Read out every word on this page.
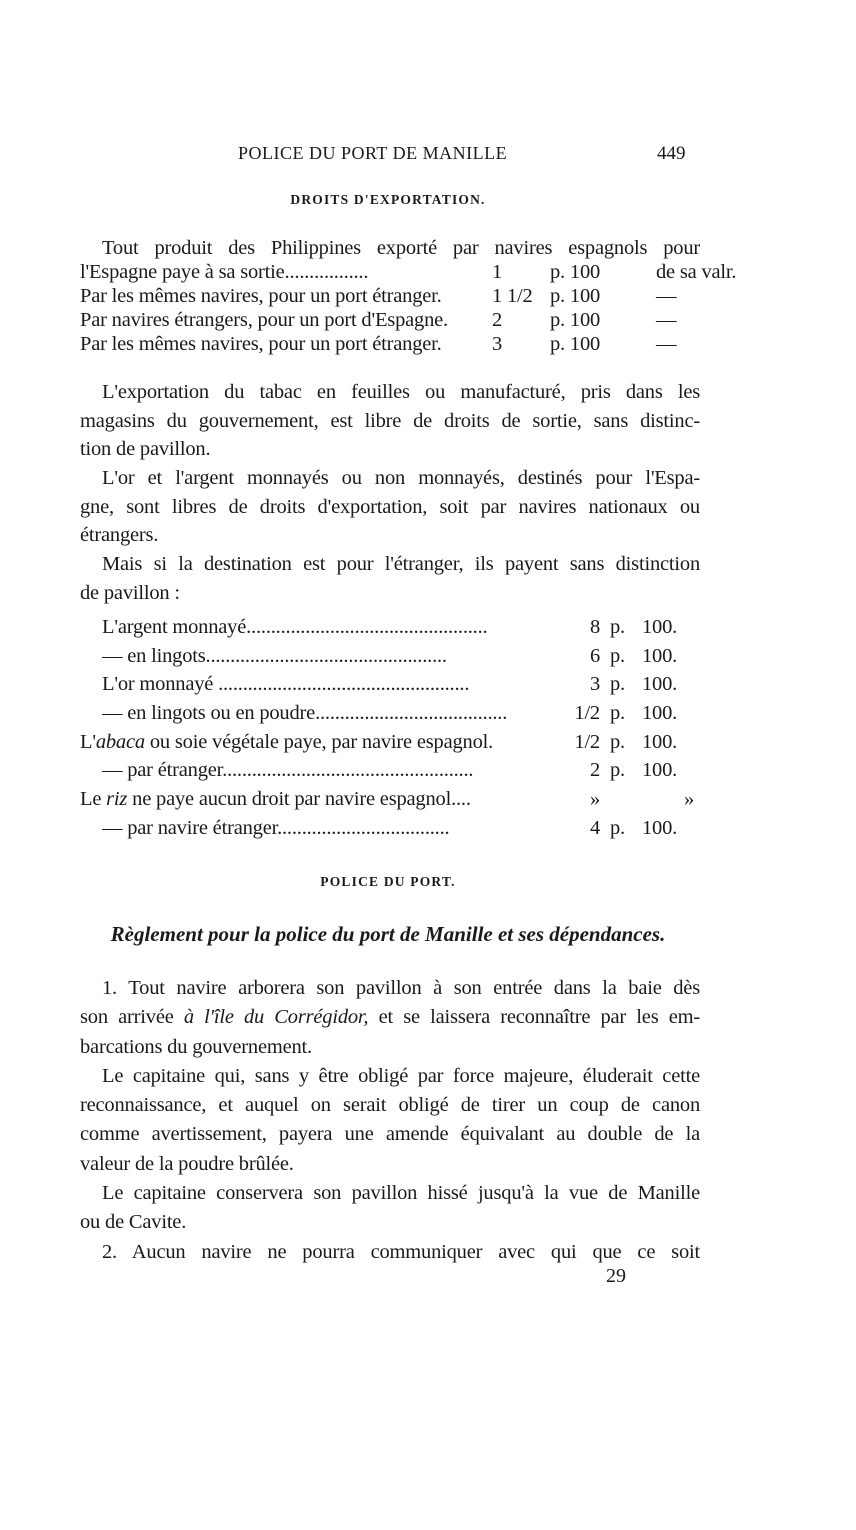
POLICE DU PORT DE MANILLE	449
DROITS D'EXPORTATION.
Tout produit des Philippines exporté par navires espagnols pour
l'Espagne paye à sa sortie.................	1	p. 100	de sa valr.
Par les mêmes navires, pour un port étranger.	1 1/2 p. 100	—
Par navires étrangers, pour un port d'Espagne.	2	p. 100	—
Par les mêmes navires, pour un port étranger.	3	p. 100	—
L'exportation du tabac en feuilles ou manufacturé, pris dans les
magasins du gouvernement, est libre de droits de sortie, sans distinc-
tion de pavillon.
L'or et l'argent monnayés ou non monnayés, destinés pour l'Espa-
gne, sont libres de droits d'exportation, soit par navires nationaux ou
étrangers.
Mais si la destination est pour l'étranger, ils payent sans distinction
de pavillon :
L'argent monnayé.................................................	8 p. 100.
— en lingots.................................................	6 p. 100.
L'or monnayé ...................................................	3 p. 100.
— en lingots ou en poudre.......................................	1/2 p. 100.
L'abaca ou soie végétale paye, par navire espagnol.	1/2 p. 100.
— par étranger...................................................	2 p. 100.
Le riz ne paye aucun droit par navire espagnol....	»	»
— par navire étranger...................................	4 p. 100.
POLICE DU PORT.
Règlement pour la police du port de Manille et ses dépendances.
1. Tout navire arborera son pavillon à son entrée dans la baie dès
son arrivée à l'île du Corrégidor, et se laissera reconnaître par les em-
barcations du gouvernement.
Le capitaine qui, sans y être obligé par force majeure, éluderait cette
reconnaissance, et auquel on serait obligé de tirer un coup de canon
comme avertissement, payera une amende équivalant au double de la
valeur de la poudre brûlée.
Le capitaine conservera son pavillon hissé jusqu'à la vue de Manille
ou de Cavite.
2. Aucun navire ne pourra communiquer avec qui que ce soit
29
